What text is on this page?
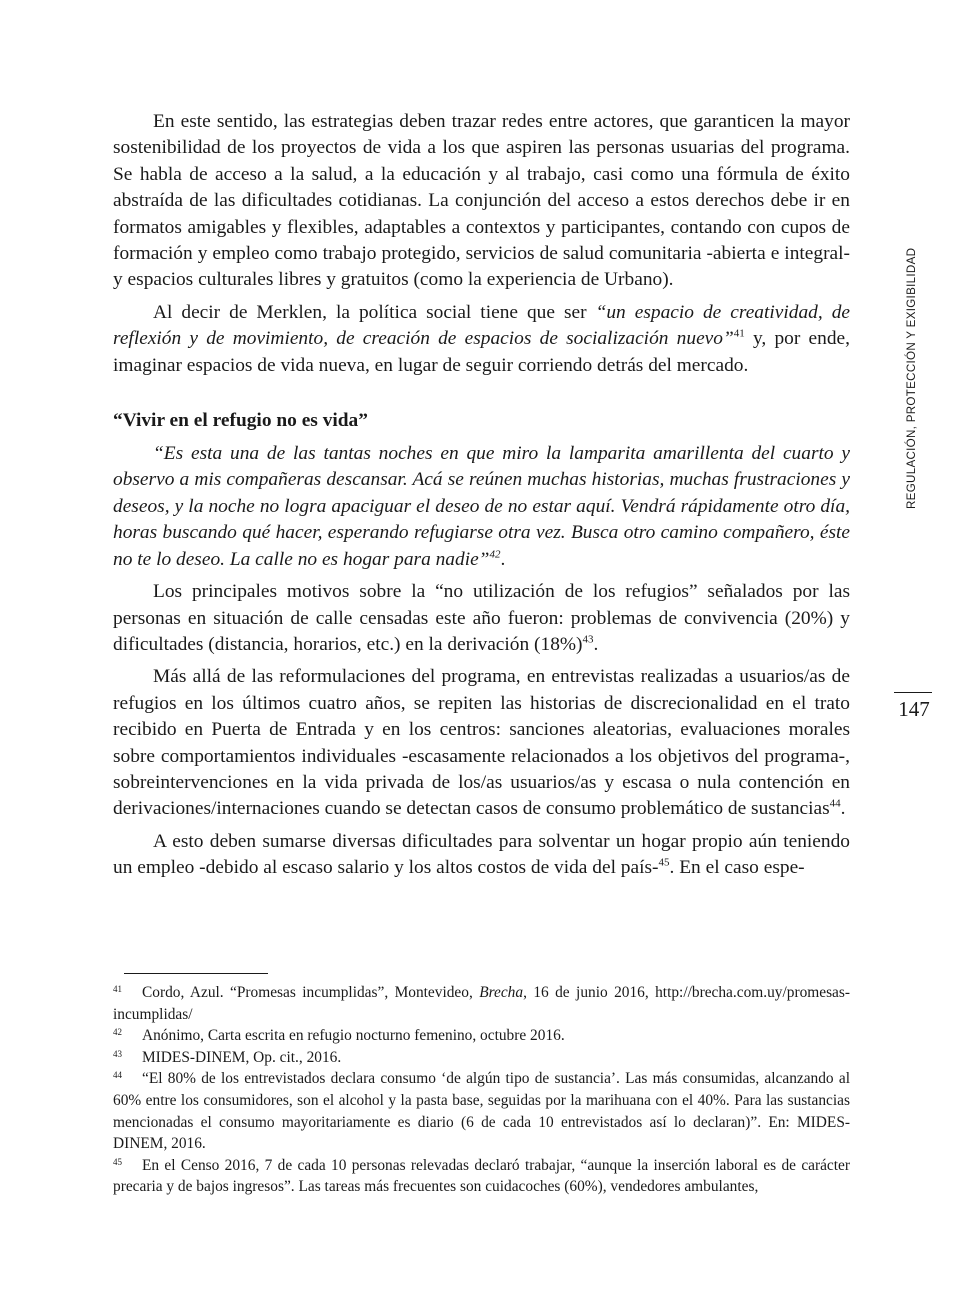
En este sentido, las estrategias deben trazar redes entre actores, que garanticen la mayor sostenibilidad de los proyectos de vida a los que aspiren las personas usuarias del programa. Se habla de acceso a la salud, a la educación y al trabajo, casi como una fórmula de éxito abstraída de las dificultades cotidianas. La conjunción del acceso a estos derechos debe ir en formatos amigables y flexibles, adaptables a contextos y participantes, contando con cupos de formación y empleo como trabajo protegido, servicios de salud comunitaria -abierta e integral- y espacios culturales libres y gratuitos (como la experiencia de Urbano).

Al decir de Merklen, la política social tiene que ser “un espacio de creatividad, de reflexión y de movimiento, de creación de espacios de socialización nuevo”$^{41}$ y, por ende, imaginar espacios de vida nueva, en lugar de seguir corriendo detrás del mercado.

“Vivir en el refugio no es vida”

“Es esta una de las tantas noches en que miro la lamparita amarillenta del cuarto y observo a mis compañeras descansar. Acá se reúnen muchas historias, muchas frustraciones y deseos, y la noche no logra apaciguar el deseo de no estar aquí. Vendrá rápidamente otro día, horas buscando qué hacer, esperando refugiarse otra vez. Busca otro camino compañero, éste no te lo deseo. La calle no es hogar para nadie”$^{42}$.

Los principales motivos sobre la “no utilización de los refugios” señalados por las personas en situación de calle censadas este año fueron: problemas de convivencia (20%) y dificultades (distancia, horarios, etc.) en la derivación $(18\%)^{43}$.

Más allá de las reformulaciones del programa, en entrevistas realizadas a usuarios/as de refugios en los últimos cuatro años, se repiten las historias de discrecionalidad en el trato recibido en Puerta de Entrada y en los centros: sanciones aleatorias, evaluaciones morales sobre comportamientos individuales -escasamente relacionados a los objetivos del programa-, sobreintervenciones en la vida privada de los/as usuarios/as y escasa o nula contención en derivaciones/internaciones cuando se detectan casos de consumo problemático de sustancias$^{44}$.

A esto deben sumarse diversas dificultades para solventar un hogar propio aún teniendo un empleo -debido al escaso salario y los altos costos de vida del país-$^{45}$. En el caso espe-

41 Cordo, Azul. “Promesas incumplidas”, Montevideo, Brecha, 16 de junio 2016, http://brecha.com.uy/promesas-incumplidas/

42 Anónimo, Carta escrita en refugio nocturno femenino, octubre 2016.

43 MIDES-DINEM, Op. cit., 2016.

44 “El 80% de los entrevistados declara consumo ‘de algún tipo de sustancia’. Las más consumidas, alcanzando al 60% entre los consumidores, son el alcohol y la pasta base, seguidas por la marihuana con el 40%. Para las sustancias mencionadas el consumo mayoritariamente es diario (6 de cada 10 entrevistados así lo declaran)”. En: MIDES-DINEM, 2016.

45 En el Censo 2016, 7 de cada 10 personas relevadas declaró trabajar, “aunque la inserción laboral es de carácter precaria y de bajos ingresos”. Las tareas más frecuentes son cuidacoches (60%), vendedores ambulantes,

REGULACIÓN, PROTECCIÓN Y EXIGIBILIDAD
147
